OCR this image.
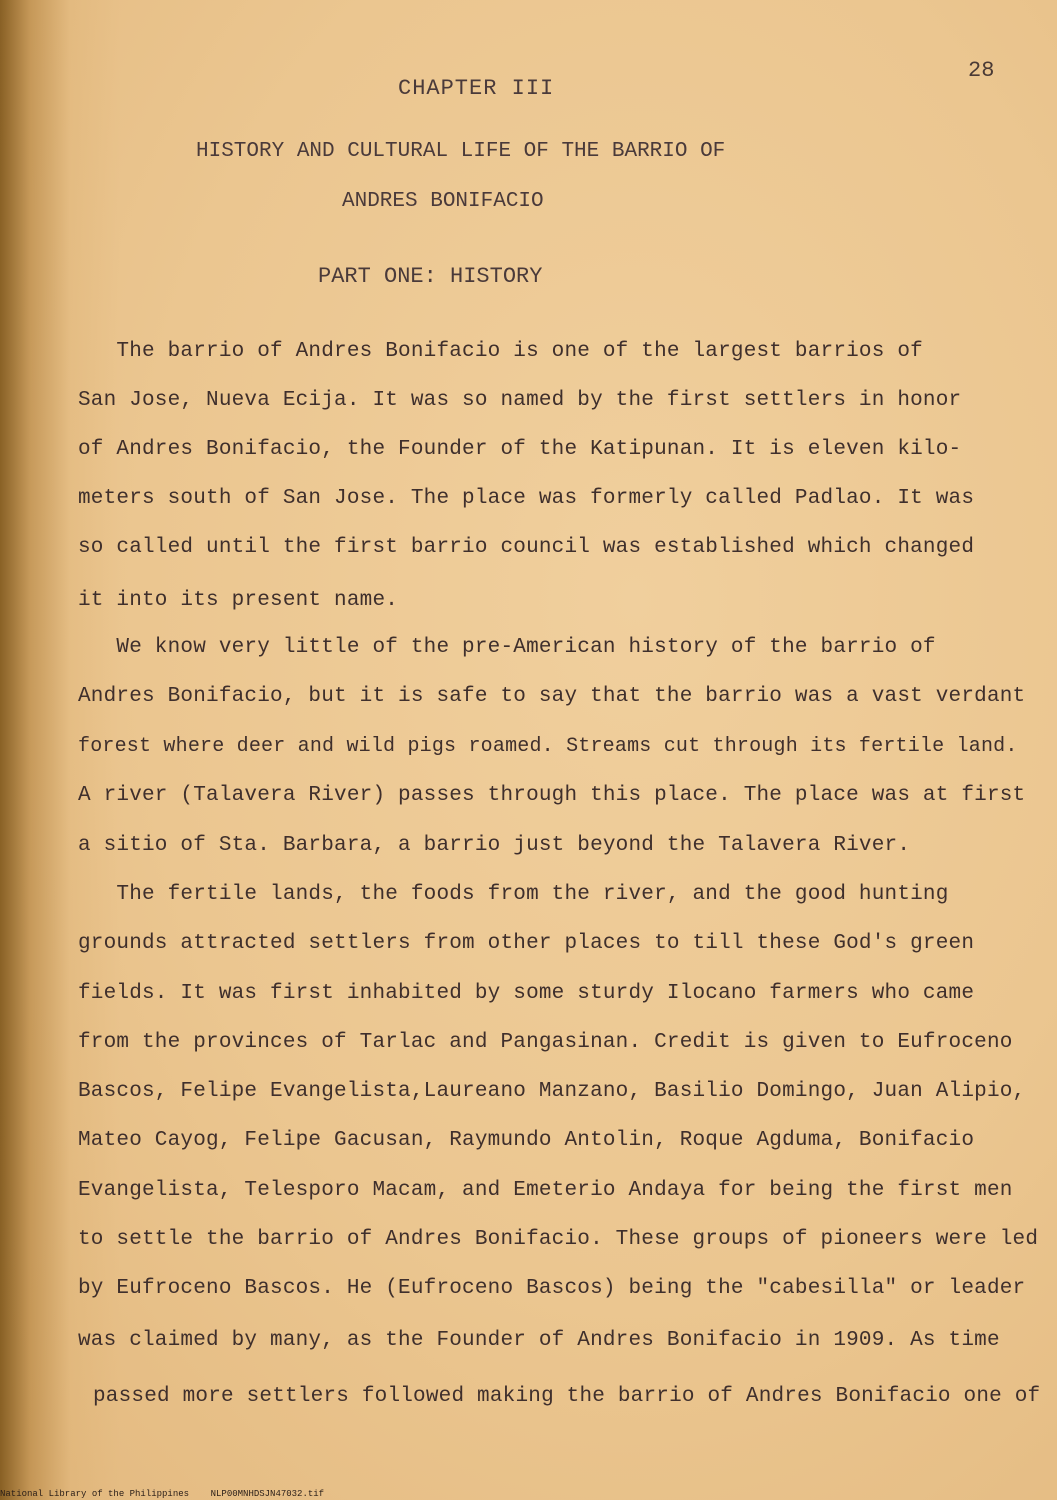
28
CHAPTER III
HISTORY AND CULTURAL LIFE OF THE BARRIO OF
ANDRES BONIFACIO
PART ONE: HISTORY
The barrio of Andres Bonifacio is one of the largest barrios of
San Jose, Nueva Ecija. It was so named by the first settlers in honor
of Andres Bonifacio, the Founder of the Katipunan. It is eleven kilo-
meters south of San Jose. The place was formerly called Padlao. It was
so called until the first barrio council was established which changed
it into its present name.
We know very little of the pre-American history of the barrio of
Andres Bonifacio, but it is safe to say that the barrio was a vast verdant
forest where deer and wild pigs roamed. Streams cut through its fertile land.
A river (Talavera River) passes through this place. The place was at first
a sitio of Sta. Barbara, a barrio just beyond the Talavera River.
The fertile lands, the foods from the river, and the good hunting
grounds attracted settlers from other places to till these God's green
fields. It was first inhabited by some sturdy Ilocano farmers who came
from the provinces of Tarlac and Pangasinan. Credit is given to Eufroceno
Bascos, Felipe Evangelista,Laureano Manzano, Basilio Domingo, Juan Alipio,
Mateo Cayog, Felipe Gacusan, Raymundo Antolin, Roque Agduma, Bonifacio
Evangelista, Telesporo Macam, and Emeterio Andaya for being the first men
to settle the barrio of Andres Bonifacio. These groups of pioneers were led
by Eufroceno Bascos. He (Eufroceno Bascos) being the "cabesilla" or leader
was claimed by many, as the Founder of Andres Bonifacio in 1909. As time
passed more settlers followed making the barrio of Andres Bonifacio one of
National Library of the Philippines    NLP00MNHDSJN47032.tif
